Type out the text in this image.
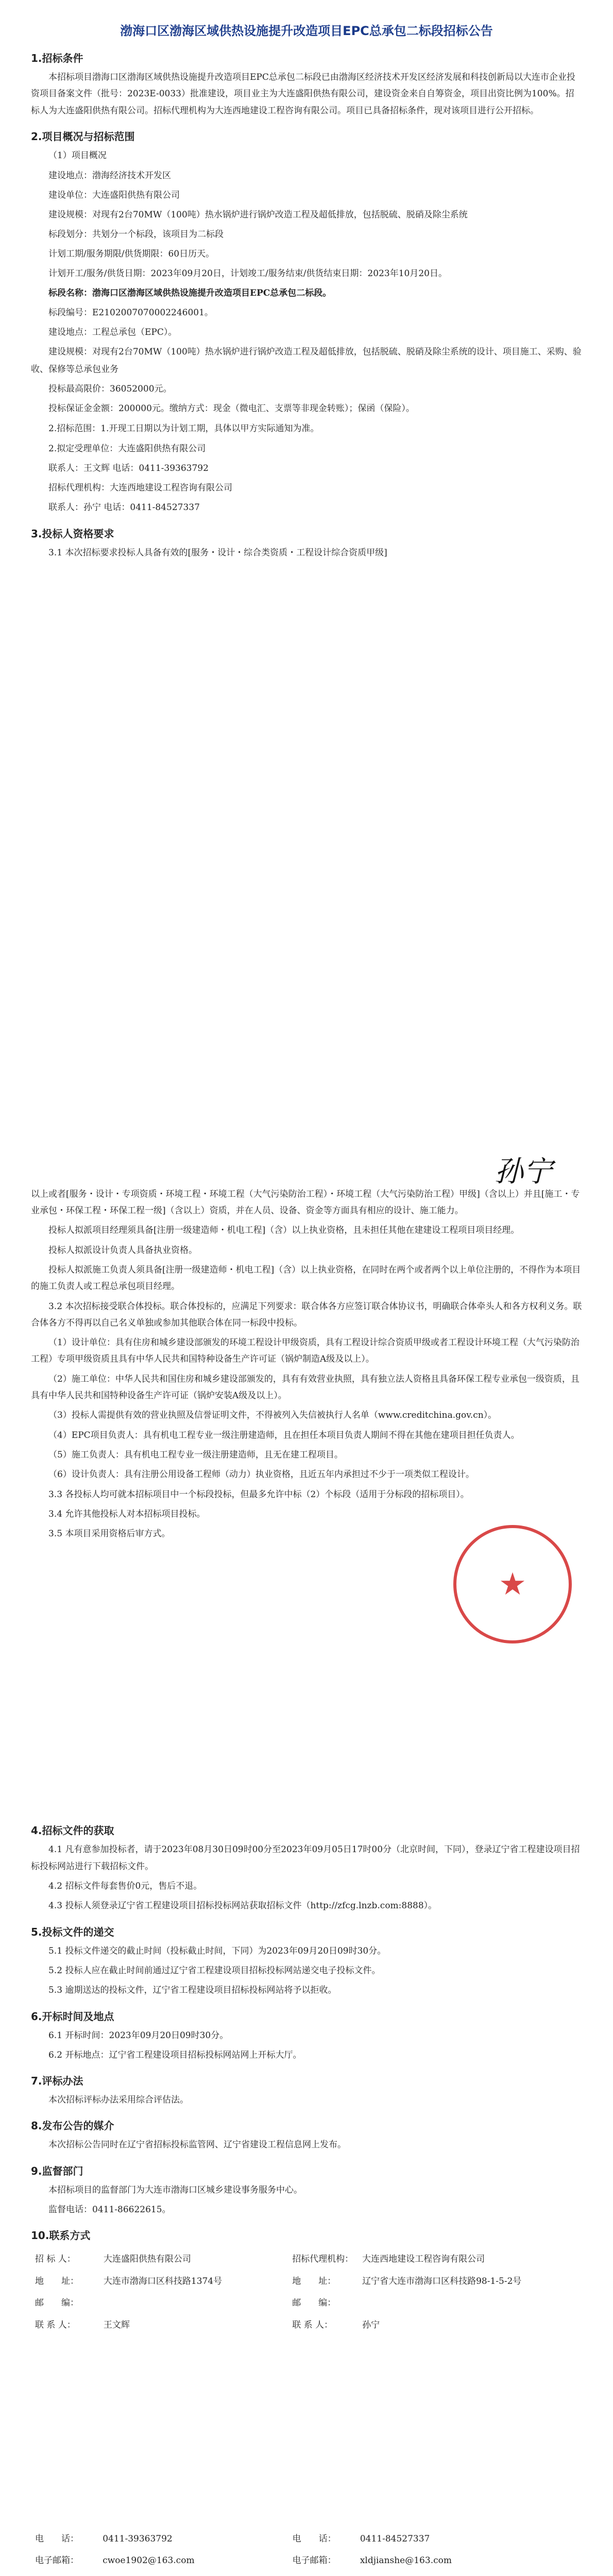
渤海口区渤海区域供热设施提升改造项目EPC总承包二标段招标公告
1.招标条件

本招标项目渤海口区渤海区域供热设施提升改造项目EPC总承包二标段已由渤海区经济技术开发区经济发展和科技创新局以大连市企业投资项目备案文件（批号：2023E-0033）批准建设，项目业主为大连盛阳供热有限公司，建设资金来自自筹资金，项目出资比例为100%。招标人为大连盛阳供热有限公司。招标代理机构为大连西地建设工程咨询有限公司。项目已具备招标条件，现对该项目进行公开招标。

2.项目概况与招标范围

（1）项目概况

建设地点：渤海经济技术开发区

建设单位：大连盛阳供热有限公司

建设规模：对现有2台70MW（100吨）热水锅炉进行锅炉改造工程及超低排放，包括脱硫、脱硝及除尘系统

标段划分：共划分一个标段，该项目为二标段

计划工期/服务期限/供货期限：60日历天。

计划开工/服务/供货日期：2023年09月20日，计划竣工/服务结束/供货结束日期：2023年10月20日。

标段名称：渤海口区渤海区域供热设施提升改造项目EPC总承包二标段。

标段编号：E2102007070002246001。

建设地点：工程总承包（EPC）。

建设规模：对现有2台70MW（100吨）热水锅炉进行锅炉改造工程及超低排放，包括脱硫、脱硝及除尘系统的设计、项目施工、采购、验收、保修等总承包业务

投标最高限价：36052000元。

投标保证金金额：200000元。缴纳方式：现金（微电汇、支票等非现金转账）；保函（保险）。

2.招标范围：1.开现工日期以为计划工期，具体以甲方实际通知为准。

2.拟定受理单位：大连盛阳供热有限公司

联系人：王文辉 电话：0411-39363792

招标代理机构：大连西地建设工程咨询有限公司

联系人：孙宁 电话：0411-84527337

3.投标人资格要求

3.1 本次招标要求投标人具备有效的[服务・设计・综合类资质・工程设计综合资质甲级]

以上或者[服务・设计・专项资质・环境工程・环境工程（大气污染防治工程）・环境工程（大气污染防治工程）甲级]（含以上）并且[施工・专业承包・环保工程・环保工程一级]（含以上）资质，并在人员、设备、资金等方面具有相应的设计、施工能力。

投标人拟派项目经理须具备[注册一级建造师・机电工程]（含）以上执业资格，且未担任其他在建建设工程项目项目经理。

投标人拟派设计负责人具备执业资格。

投标人拟派施工负责人须具备[注册一级建造师・机电工程]（含）以上执业资格，在同时在两个或者两个以上单位注册的，不得作为本项目的施工负责人或工程总承包项目经理。

3.2 本次招标接受联合体投标。联合体投标的，应满足下列要求：联合体各方应签订联合体协议书，明确联合体牵头人和各方权利义务。联合体各方不得再以自己名义单独或参加其他联合体在同一标段中投标。

（1）设计单位：具有住房和城乡建设部颁发的环境工程设计甲级资质，具有工程设计综合资质甲级或者工程设计环境工程（大气污染防治工程）专项甲级资质且具有中华人民共和国特种设备生产许可证（锅炉制造A级及以上）。

（2）施工单位：中华人民共和国住房和城乡建设部颁发的，具有有效营业执照，具有独立法人资格且具备环保工程专业承包一级资质，且具有中华人民共和国特种设备生产许可证（锅炉安装A级及以上）。

（3）投标人需提供有效的营业执照及信誉证明文件，不得被列入失信被执行人名单（www.creditchina.gov.cn）。

（4）EPC项目负责人：具有机电工程专业一级注册建造师，且在担任本项目负责人期间不得在其他在建项目担任负责人。

（5）施工负责人：具有机电工程专业一级注册建造师，且无在建工程项目。

（6）设计负责人：具有注册公用设备工程师（动力）执业资格，且近五年内承担过不少于一项类似工程设计。

3.3 各投标人均可就本招标项目中一个标段投标，但最多允许中标（2）个标段（适用于分标段的招标项目）。

3.4 允许其他投标人对本招标项目投标。

3.5 本项目采用资格后审方式。

4.招标文件的获取

4.1 凡有意参加投标者，请于2023年08月30日09时00分至2023年09月05日17时00分（北京时间，下同），登录辽宁省工程建设项目招标投标网站进行下载招标文件。

4.2 招标文件每套售价0元，售后不退。

4.3 投标人须登录辽宁省工程建设项目招标投标网站获取招标文件（http://zfcg.lnzb.com:8888）。

5.投标文件的递交

5.1 投标文件递交的截止时间（投标截止时间，下同）为2023年09月20日09时30分。

5.2 投标人应在截止时间前通过辽宁省工程建设项目招标投标网站递交电子投标文件。

5.3 逾期送达的投标文件，辽宁省工程建设项目招标投标网站将予以拒收。

6.开标时间及地点

6.1 开标时间：2023年09月20日09时30分。

6.2 开标地点：辽宁省工程建设项目招标投标网站网上开标大厅。

7.评标办法

本次招标评标办法采用综合评估法。

8.发布公告的媒介

本次招标公告同时在辽宁省招标投标监管网、辽宁省建设工程信息网上发布。

9.监督部门

本招标项目的监督部门为大连市渤海口区城乡建设事务服务中心。

监督电话：0411-86622615。

10.联系方式
招 标 人：	大连盛阳供热有限公司	招标代理机构：	大连西地建设工程咨询有限公司
地　　址：	大连市渤海口区科技路1374号	地　　址：	辽宁省大连市渤海口区科技路98-1-5-2号
邮　　编：		邮　　编：	
联 系 人：	王文辉	联 系 人：	孙宁
电　　话：	0411-39363792	电　　话：	0411-84527337
电子邮箱：	cwoe1902@163.com	电子邮箱：	xldjianshe@163.com

★
孙宁
